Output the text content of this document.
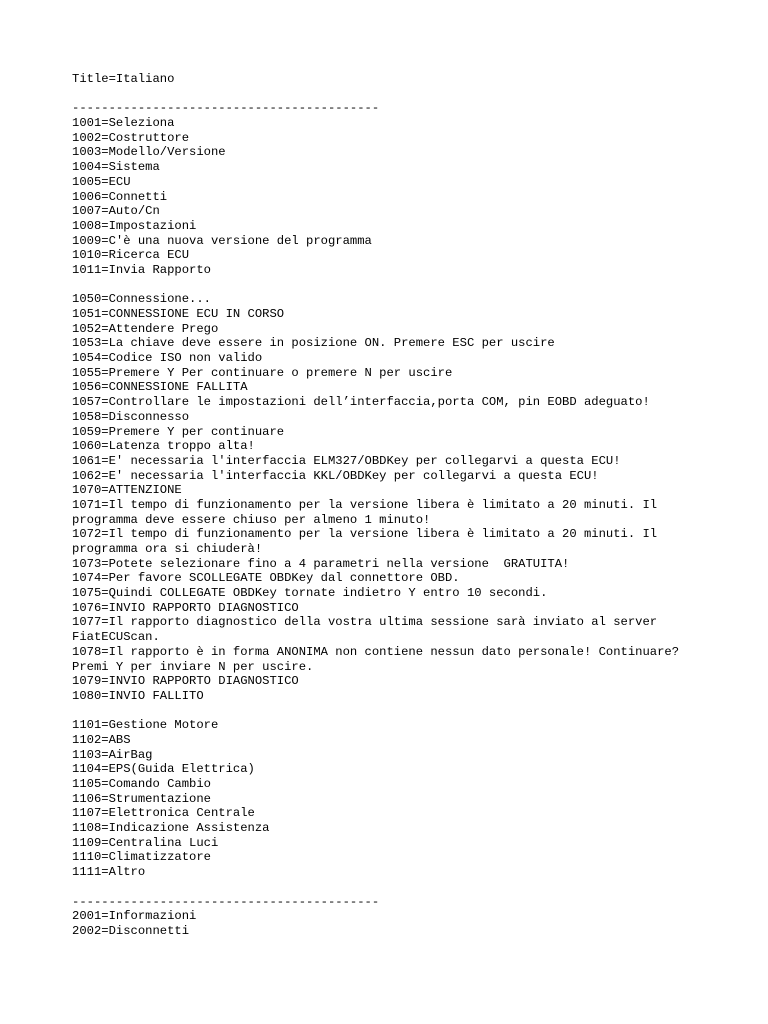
Title=Italiano
------------------------------------------
1001=Seleziona
1002=Costruttore
1003=Modello/Versione
1004=Sistema
1005=ECU
1006=Connetti
1007=Auto/Cn
1008=Impostazioni
1009=C'è una nuova versione del programma
1010=Ricerca ECU
1011=Invia Rapporto
1050=Connessione...
1051=CONNESSIONE ECU IN CORSO
1052=Attendere Prego
1053=La chiave deve essere in posizione ON. Premere ESC per uscire
1054=Codice ISO non valido
1055=Premere Y Per continuare o premere N per uscire
1056=CONNESSIONE FALLITA
1057=Controllare le impostazioni dell’interfaccia,porta COM, pin EOBD adeguato!
1058=Disconnesso
1059=Premere Y per continuare
1060=Latenza troppo alta!
1061=E' necessaria l'interfaccia ELM327/OBDKey per collegarvi a questa ECU!
1062=E' necessaria l'interfaccia KKL/OBDKey per collegarvi a questa ECU!
1070=ATTENZIONE
1071=Il tempo di funzionamento per la versione libera è limitato a 20 minuti. Il
programma deve essere chiuso per almeno 1 minuto!
1072=Il tempo di funzionamento per la versione libera è limitato a 20 minuti. Il
programma ora si chiuderà!
1073=Potete selezionare fino a 4 parametri nella versione  GRATUITA!
1074=Per favore SCOLLEGATE OBDKey dal connettore OBD.
1075=Quindi COLLEGATE OBDKey tornate indietro Y entro 10 secondi.
1076=INVIO RAPPORTO DIAGNOSTICO
1077=Il rapporto diagnostico della vostra ultima sessione sarà inviato al server
FiatECUScan.
1078=Il rapporto è in forma ANONIMA non contiene nessun dato personale! Continuare?
Premi Y per inviare N per uscire.
1079=INVIO RAPPORTO DIAGNOSTICO
1080=INVIO FALLITO
1101=Gestione Motore
1102=ABS
1103=AirBag
1104=EPS(Guida Elettrica)
1105=Comando Cambio
1106=Strumentazione
1107=Elettronica Centrale
1108=Indicazione Assistenza
1109=Centralina Luci
1110=Climatizzatore
1111=Altro
------------------------------------------
2001=Informazioni
2002=Disconnetti
